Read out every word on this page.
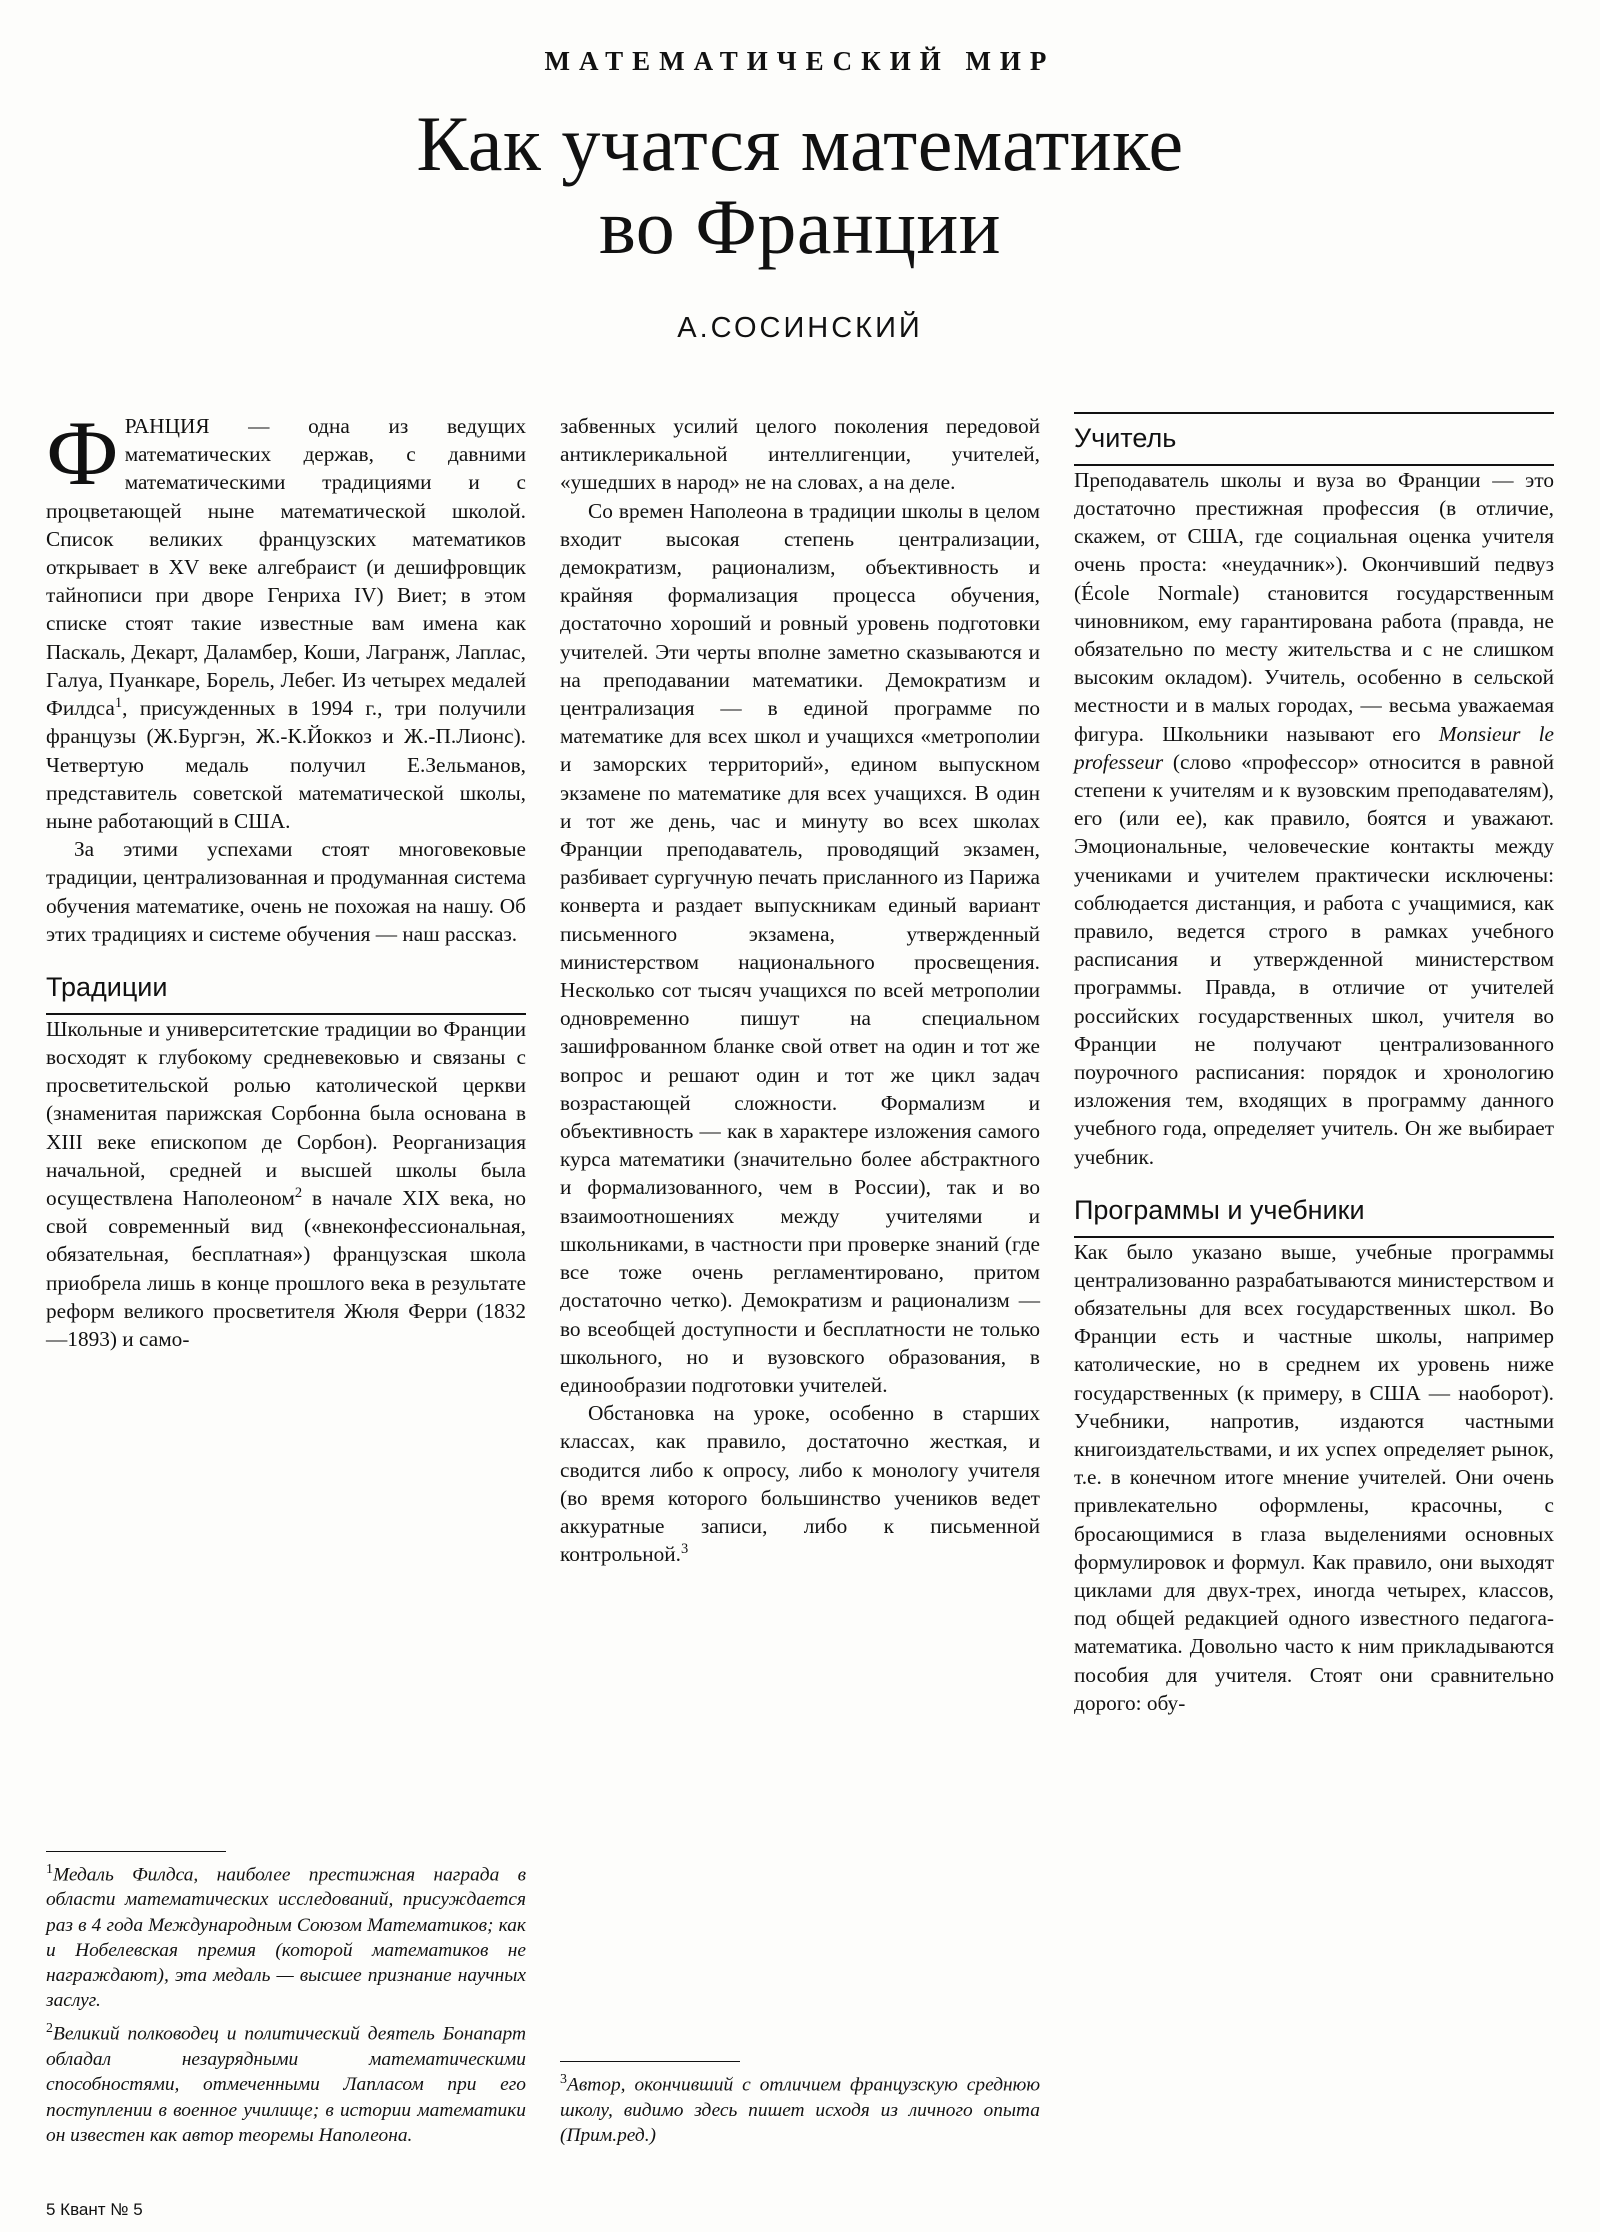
МАТЕМАТИЧЕСКИЙ МИР
Как учатся математике
во Франции
А.СОСИНСКИЙ

ФРАНЦИЯ — одна из ведущих математических держав, с давними математическими традициями и с процветающей ныне математической школой. Список великих французских математиков открывает в XV веке алгебраист (и дешифровщик тайнописи при дворе Генриха IV) Виет; в этом списке стоят такие известные вам имена как Паскаль, Декарт, Даламбер, Коши, Лагранж, Лаплас, Галуа, Пуанкаре, Борель, Лебег. Из четырех медалей Филдса$^1$, присужденных в 1994 г., три получили французы (Ж.Бургэн, Ж.-К.Йоккоз и Ж.-П.Лионс). Четвертую медаль получил Е.Зельманов, представитель советской математической школы, ныне работающий в США.

За этими успехами стоят многовековые традиции, централизованная и продуманная система обучения математике, очень не похожая на нашу. Об этих традициях и системе обучения — наш рассказ.

Традиции

Школьные и университетские традиции во Франции восходят к глубокому средневековью и связаны с просветительской ролью католической церкви (знаменитая парижская Сорбонна была основана в XIII веке епископом де Сорбон). Реорганизация начальной, средней и высшей школы была осуществлена Наполеоном$^2$ в начале XIX века, но свой современный вид («внеконфессиональная, обязательная, бесплатная») французская школа приобрела лишь в конце прошлого века в результате реформ великого просветителя Жюля Ферри (1832—1893) и само-

$^1$Медаль Филдса, наиболее престижная награда в области математических исследований, присуждается раз в 4 года Международным Союзом Математиков; как и Нобелевская премия (которой математиков не награждают), эта медаль — высшее признание научных заслуг.

$^2$Великий полководец и политический деятель Бонапарт обладал незаурядными математическими способностями, отмеченными Лапласом при его поступлении в военное училище; в истории математики он известен как автор теоремы Наполеона.

забвенных усилий целого поколения передовой антиклерикальной интеллигенции, учителей, «ушедших в народ» не на словах, а на деле.

Со времен Наполеона в традиции школы в целом входит высокая степень централизации, демократизм, рационализм, объективность и крайняя формализация процесса обучения, достаточно хороший и ровный уровень подготовки учителей. Эти черты вполне заметно сказываются и на преподавании математики. Демократизм и централизация — в единой программе по математике для всех школ и учащихся «метрополии и заморских территорий», едином выпускном экзамене по математике для всех учащихся. В один и тот же день, час и минуту во всех школах Франции преподаватель, проводящий экзамен, разбивает сургучную печать присланного из Парижа конверта и раздает выпускникам единый вариант письменного экзамена, утвержденный министерством национального просвещения. Несколько сот тысяч учащихся по всей метрополии одновременно пишут на специальном зашифрованном бланке свой ответ на один и тот же вопрос и решают один и тот же цикл задач возрастающей сложности. Формализм и объективность — как в характере изложения самого курса математики (значительно более абстрактного и формализованного, чем в России), так и во взаимоотношениях между учителями и школьниками, в частности при проверке знаний (где все тоже очень регламентировано, притом достаточно четко). Демократизм и рационализм — во всеобщей доступности и бесплатности не только школьного, но и вузовского образования, в единообразии подготовки учителей.

Обстановка на уроке, особенно в старших классах, как правило, достаточно жесткая, и сводится либо к опросу, либо к монологу учителя (во время которого большинство учеников ведет аккуратные записи, либо к письменной контрольной.$^3$

$^3$Автор, окончивший с отличием французскую среднюю школу, видимо здесь пишет исходя из личного опыта (Прим.ред.)

Учитель

Преподаватель школы и вуза во Франции — это достаточно престижная профессия (в отличие, скажем, от США, где социальная оценка учителя очень проста: «неудачник»). Окончивший педвуз (École Normale) становится государственным чиновником, ему гарантирована работа (правда, не обязательно по месту жительства и с не слишком высоким окладом). Учитель, особенно в сельской местности и в малых городах, — весьма уважаемая фигура. Школьники называют его Monsieur le professeur (слово «профессор» относится в равной степени к учителям и к вузовским преподавателям), его (или ее), как правило, боятся и уважают. Эмоциональные, человеческие контакты между учениками и учителем практически исключены: соблюдается дистанция, и работа с учащимися, как правило, ведется строго в рамках учебного расписания и утвержденной министерством программы. Правда, в отличие от учителей российских государственных школ, учителя во Франции не получают централизованного поурочного расписания: порядок и хронологию изложения тем, входящих в программу данного учебного года, определяет учитель. Он же выбирает учебник.

Программы и учебники

Как было указано выше, учебные программы централизованно разрабатываются министерством и обязательны для всех государственных школ. Во Франции есть и частные школы, например католические, но в среднем их уровень ниже государственных (к примеру, в США — наоборот). Учебники, напротив, издаются частными книгоиздательствами, и их успех определяет рынок, т.е. в конечном итоге мнение учителей. Они очень привлекательно оформлены, красочны, с бросающимися в глаза выделениями основных формулировок и формул. Как правило, они выходят циклами для двух-трех, иногда четырех, классов, под общей редакцией одного известного педагога-математика. Довольно часто к ним прикладываются пособия для учителя. Стоят они сравнительно дорого: обу-

5 Квант № 5
